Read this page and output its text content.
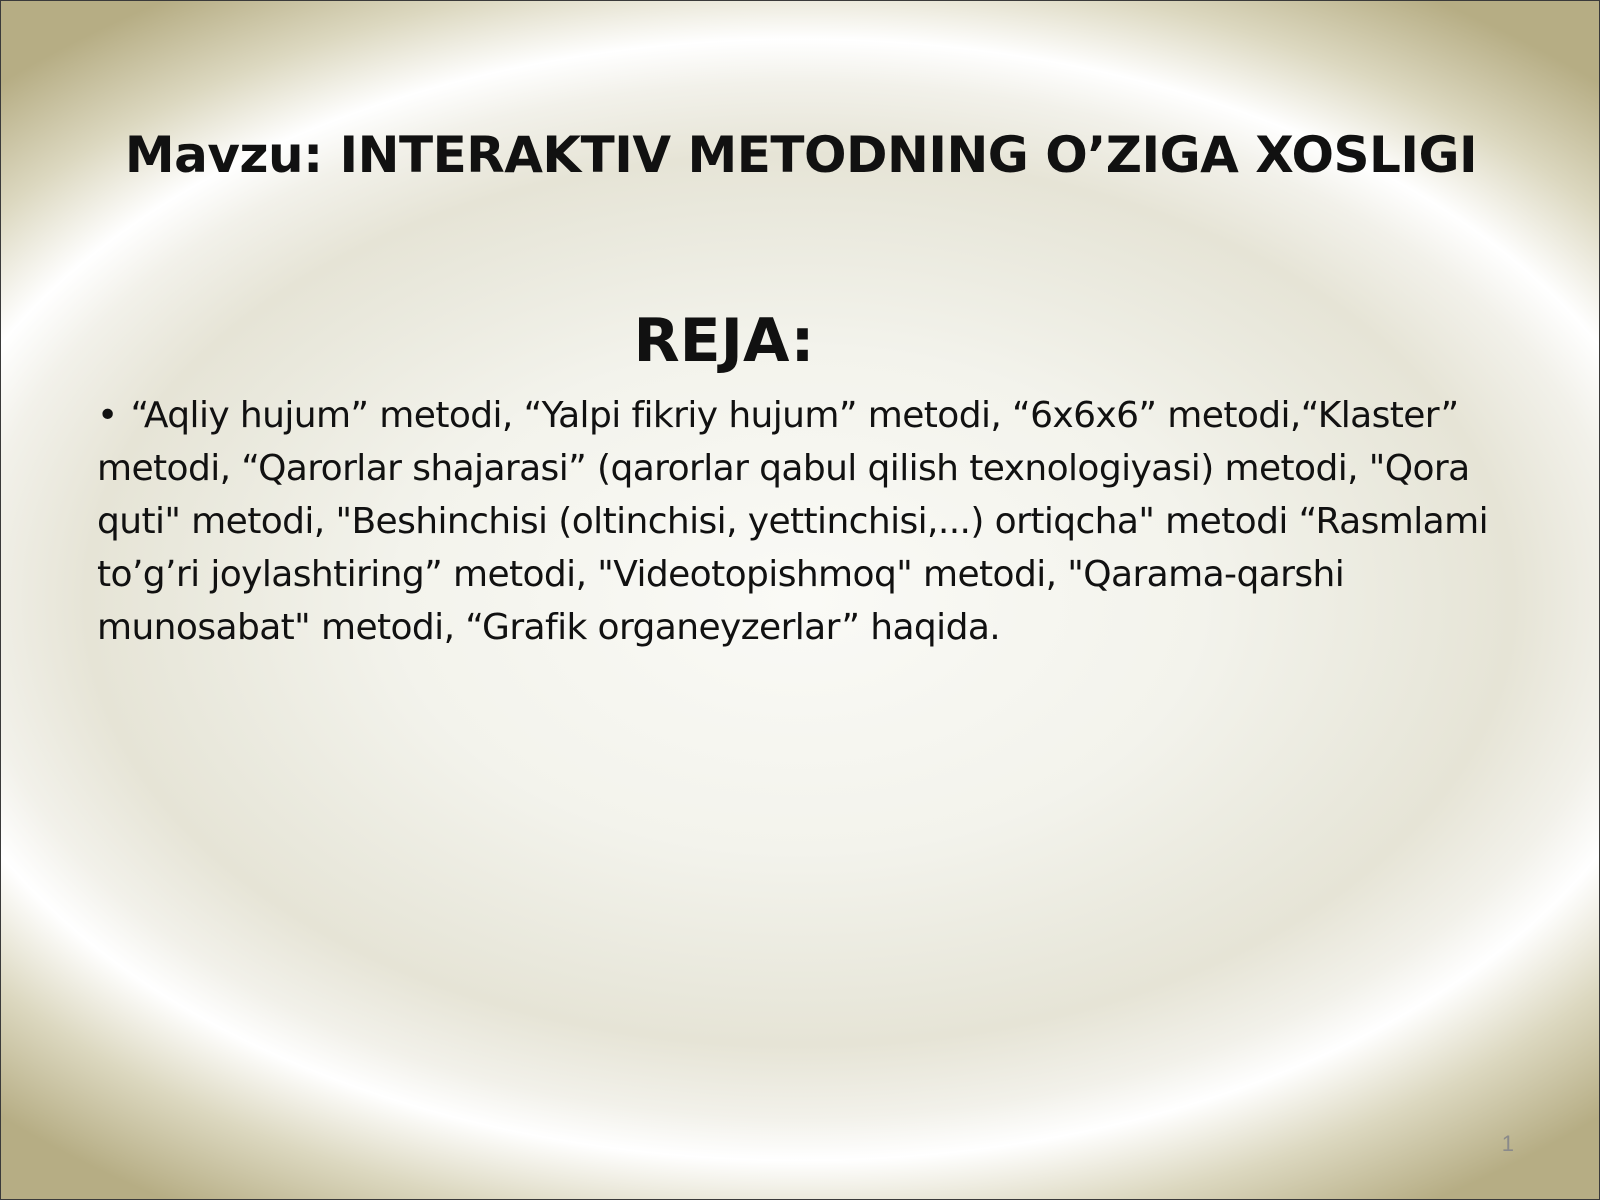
Mavzu: INTERAKTIV METODNING O’ZIGA XOSLIGI
REJA:

• “Aqliy hujum” metodi, “Yalpi fikriy hujum” metodi, “6x6x6” metodi,“Klaster” metodi, “Qarorlar shajarasi” (qarorlar qabul qilish texnologiyasi) metodi, "Qora quti" metodi, "Beshinchisi (oltinchisi, yettinchisi,...) ortiqcha" metodi “Rasmlami to’g’ri joylashtiring” metodi, "Videotopishmoq" metodi, "Qarama-qarshi munosabat" metodi, “Grafik organeyzerlar” haqida.

1
